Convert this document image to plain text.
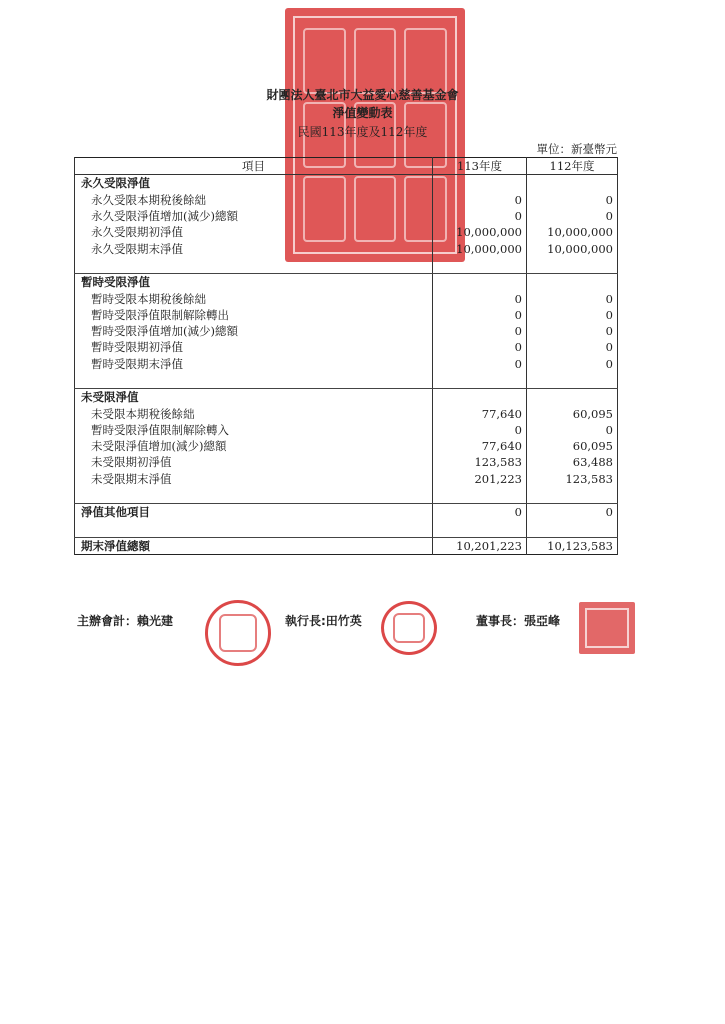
財團法人臺北市大益愛心慈善基金會
淨值變動表
民國113年度及112年度
單位：新臺幣元
項目	113年度	112年度
永久受限淨值		
永久受限本期稅後餘絀	0	0
永久受限淨值增加(減少)總額	0	0
永久受限期初淨值	10,000,000	10,000,000
永久受限期末淨值	10,000,000	10,000,000

暫時受限淨值		
暫時受限本期稅後餘絀	0	0
暫時受限淨值限制解除轉出	0	0
暫時受限淨值增加(減少)總額	0	0
暫時受限期初淨值	0	0
暫時受限期末淨值	0	0

未受限淨值		
未受限本期稅後餘絀	77,640	60,095
暫時受限淨值限制解除轉入	0	0
未受限淨值增加(減少)總額	77,640	60,095
未受限期初淨值	123,583	63,488
未受限期末淨值	201,223	123,583

淨值其他項目	0	0

期末淨值總額	10,201,223	10,123,583
主辦會計：賴光建	執行長:田竹英	董事長：張亞峰
